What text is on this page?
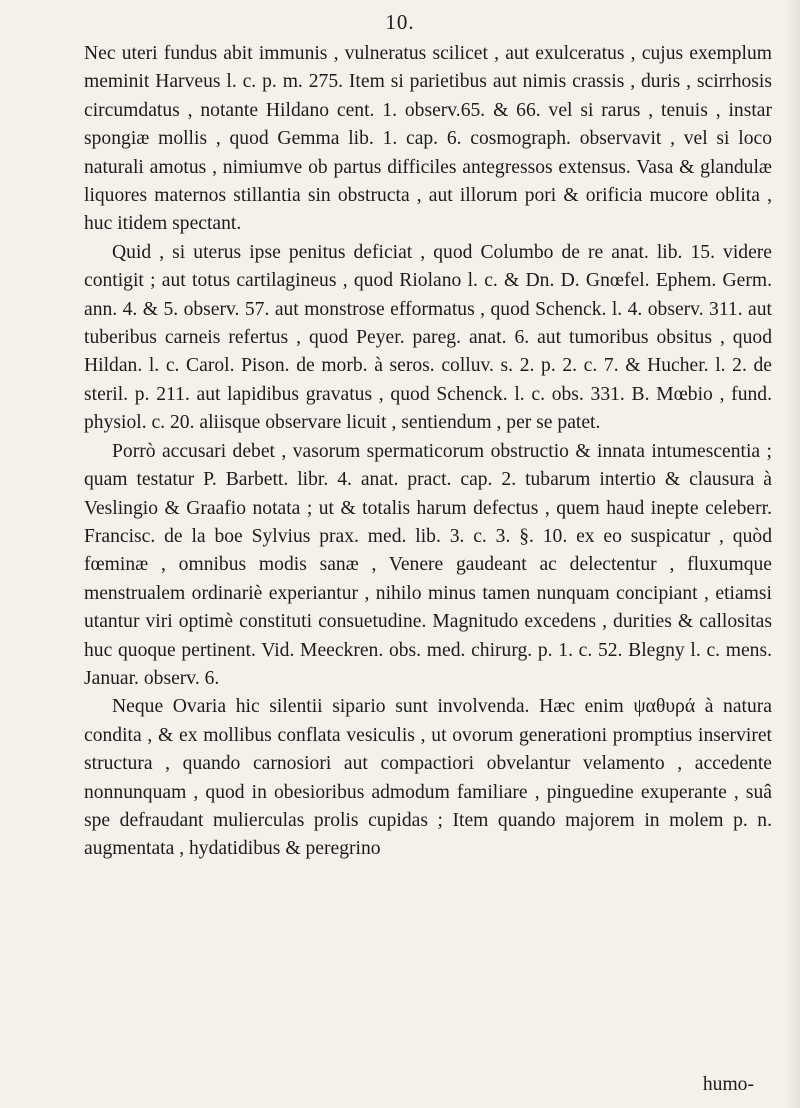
10.

Nec uteri fundus abit immunis , vulneratus scilicet , aut exulceratus , cujus exemplum meminit Harveus l. c. p. m. 275. Item si parietibus aut nimis crassis , duris , scirrhosis circumdatus , notante Hildano cent. 1. observ.65. & 66. vel si rarus , tenuis , instar spongiæ mollis , quod Gemma lib. 1. cap. 6. cosmograph. observavit , vel si loco naturali amotus , nimiumve ob partus difficiles antegressos extensus. Vasa & glandulæ liquores maternos stillantia sin obstructa , aut illorum pori & orificia mucore oblita , huc itidem spectant.

Quid , si uterus ipse penitus deficiat , quod Columbo de re anat. lib. 15. videre contigit ; aut totus cartilagineus , quod Riolano l. c. & Dn. D. Gnœfel. Ephem. Germ. ann. 4. & 5. observ. 57. aut monstrose efformatus , quod Schenck. l. 4. observ. 311. aut tuberibus carneis refertus , quod Peyer. pareg. anat. 6. aut tumoribus obsitus , quod Hildan. l. c. Carol. Pison. de morb. à seros. colluv. s. 2. p. 2. c. 7. & Hucher. l. 2. de steril. p. 211. aut lapidibus gravatus , quod Schenck. l. c. obs. 331. B. Mœbio , fund. physiol. c. 20. aliisque observare licuit , sentiendum , per se patet.

Porrò accusari debet , vasorum spermaticorum obstructio & innata intumescentia ; quam testatur P. Barbett. libr. 4. anat. pract. cap. 2. tubarum intertio & clausura à Veslingio & Graafio notata ; ut & totalis harum defectus , quem haud inepte celeberr. Francisc. de la boe Sylvius prax. med. lib. 3. c. 3. §. 10. ex eo suspicatur , quòd fœminæ , omnibus modis sanæ , Venere gaudeant ac delectentur , fluxumque menstrualem ordinariè experiantur , nihilo minus tamen nunquam concipiant , etiamsi utantur viri optimè constituti consuetudine. Magnitudo excedens , durities & callositas huc quoque pertinent. Vid. Meeckren. obs. med. chirurg. p. 1. c. 52. Blegny l. c. mens. Januar. observ. 6.

Neque Ovaria hic silentii sipario sunt involvenda. Hæc enim ψαθυρά à natura condita , & ex mollibus conflata vesiculis , ut ovorum generationi promptius inserviret structura , quando carnosiori aut compactiori obvelantur velamento , accedente nonnunquam , quod in obesioribus admodum familiare , pinguedine exuperante , suâ spe defraudant mulierculas prolis cupidas ; Item quando majorem in molem p. n. augmentata , hydatidibus & peregrino

humo-
